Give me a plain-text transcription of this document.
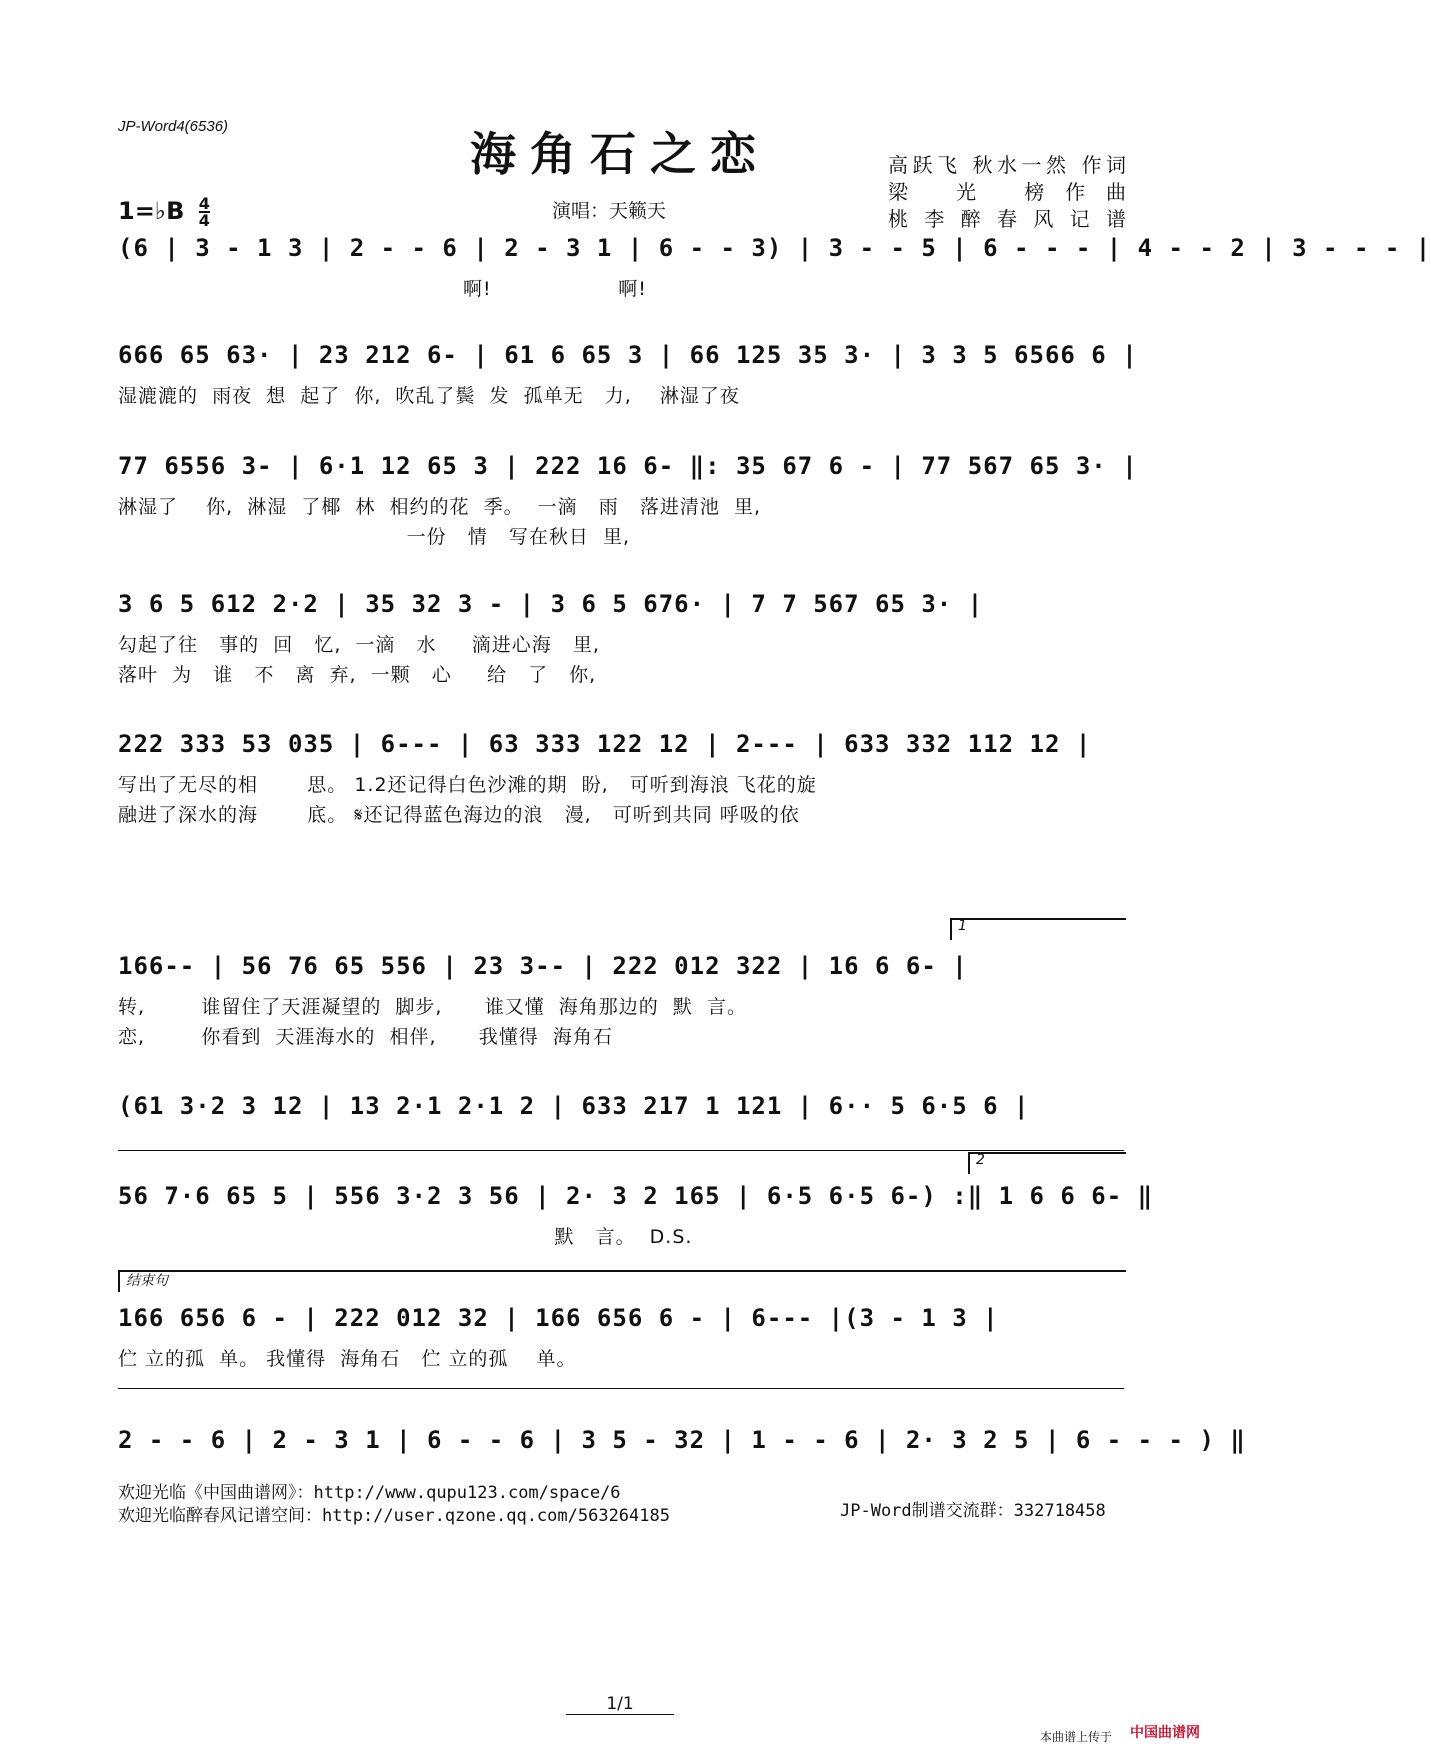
JP-Word4(6536)
海角石之恋	高跃飞 秋水一然 作词
梁 光 榜作曲
桃李醉春风记谱
1=♭B $\frac{4}{4}$	演唱：天籁天
(6 | 3 - 1 3 | 2 - - 6 | 2 - 3 1 | 6 - - 3) | 3 - - 5 | 6 - - - | 4 - - 2 | 3 - - - |
啊!                  啊!
666 65 63· | 23 212 6- | 61 6 65 3 | 66 125 35 3· | 3 3 5 6566 6 |
湿漉漉的  雨夜  想  起了  你,  吹乱了鬓  发  孤单无   力,    淋湿了夜
77 6556 3- | 6·1 12 65 3 | 222 16 6- ‖: 35 67 6 - | 77 567 65 3· |
淋湿了    你,  淋湿  了椰  林  相约的花  季。  一滴   雨   落进清池  里,
一份   情   写在秋日  里,
3 6 5 612 2·2 | 35 32 3 - | 3 6 5 676· | 7 7 567 65 3· |
勾起了往   事的  回   忆,  一滴   水     滴进心海   里,
落叶  为   谁   不   离  弃,  一颗   心     给   了   你,
222 333 53 035 | 6--- | 63 333 122 12 | 2--- | 633 332 112 12 |
写出了无尽的相       思。 1.2还记得白色沙滩的期  盼,   可听到海浪 飞花的旋
融进了深水的海       底。 𝄋还记得蓝色海边的浪   漫,   可听到共同 呼吸的依
1
166-- | 56 76 65 556 | 23 3-- | 222 012 322 | 16 6 6- |
转,        谁留住了天涯凝望的  脚步,      谁又懂  海角那边的  默  言。
恋,        你看到  天涯海水的  相伴,      我懂得  海角石
(61 3·2 3 12 | 13 2·1 2·1 2 | 633 217 1 121 | 6·· 5 6·5 6 |
2
56 7·6 65 5 | 556 3·2 3 56 | 2· 3 2 165 | 6·5 6·5 6-) :‖ 1 6 6 6- ‖
默   言。  D.S.
结束句
166 656 6 - | 222 012 32 | 166 656 6 - | 6--- |(3 - 1 3 |
伫 立的孤  单。 我懂得  海角石   伫 立的孤    单。
2 - - 6 | 2 - 3 1 | 6 - - 6 | 3 5 - 32 | 1 - - 6 | 2· 3 2 5 | 6 - - - ) ‖
欢迎光临《中国曲谱网》：http://www.qupu123.com/space/6
欢迎光临醉春风记谱空间：http://user.qzone.qq.com/563264185	JP-Word制谱交流群：332718458
1/1
本曲谱上传于 中国曲谱网
